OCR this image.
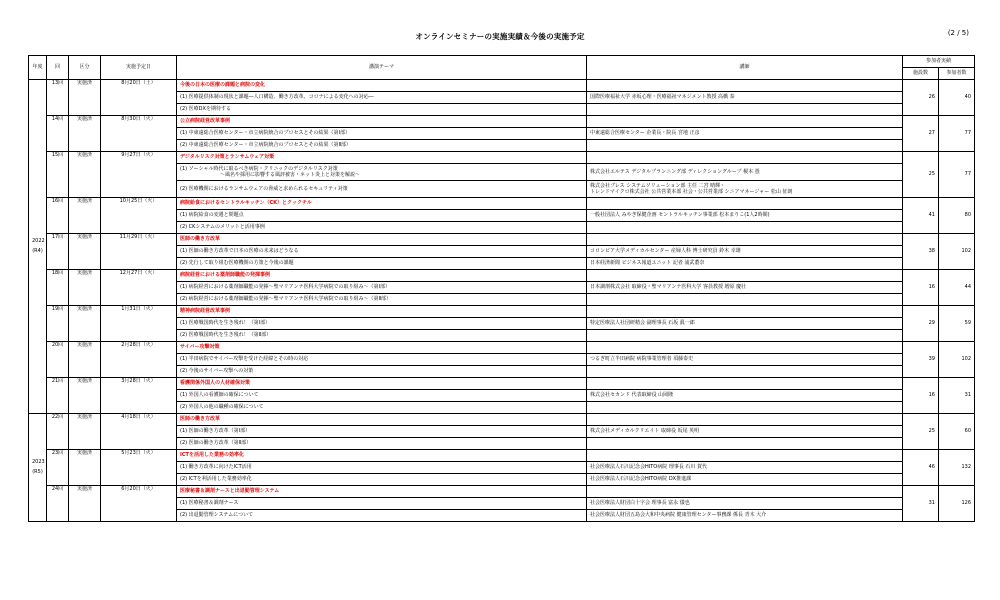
オンラインセミナーの実施実績＆今後の実施予定	(2 / 5)
年度	回	区分	実施予定日	講演テーマ	講師	参加者実績	
						施設数	参加者数

2022
(R4)	13回	実施済	8月20日（土）	今後の日本の医療の課題と病院の変化		26	40
				(1) 医療提供体制の現状と課題―人口構造、働き方改革、コロナによる変化への対応―	国際医療福祉大学 赤坂心理・医療福祉マネジメント教授 高橋 泰		
				(2) 医療DXを期待する			
	14回	実施済	8月30日（火）	公立病院経営改革事例		27	77
				(1) 中東遠総合医療センター・市立病院統合のプロセスとその結果（第Ⅰ部）	中東遠総合医療センター 企業長・院長 宮地 正彦		
				(2) 中東遠総合医療センター・市立病院統合のプロセスとその結果（第Ⅱ部）			
	15回	実施済	9月27日（火）	デジタルリスク対策とランサムウェア対策		25	77

				(1) ソーシャル時代に取るべき病院・クリニックのデジタルリスク対策
～風名や採用に影響する風評被害・ネット炎上と対策を解説～	株式会社エルテス デジタルプランニング部 ディレクショングループ 榎本 憑		

				(2) 医療機関におけるランサムウェアの脅威と求められるセキュリティ対策	株式会社ブレス システムソリューション部 主任 二宮 晴輝・
トレンドマイクロ株式会社 公共営業本部 社会・公共営業部 シニアマネージャー 松山 征朗		

	16回	実施済	10月25日（火）	病院給食におけるセントラルキッチン（CK）とクックチル		41	80
				(1) 病院給食の変遷と問題点	一般社団法人 みやぎ保健企画 セントラルキッチン事業部 松本まりこ(1人2時間)		
				(2) CKシステムのメリットと活用事例			
	17回	実施済	11月29日（火）	医師の働き方改革		38	102
				(1) 医師の働き方改革で日本の医療の未来はどうなる	コロンビア大学メディカルセンター 産婦人科 博士研究員 鈴木 幸雄		
				(2) 先行して取り組む医療機関の方策と今後の課題	日本経済新聞 ビジネス報道ユニット 記者 浦武董奈		
	18回	実施済	12月27日（火）	病院経営における薬剤師職能の発揮事例		16	44
				(1) 病院経営における薬剤師職能の発揮～聖マリアンナ医科大学病院での取り組み～（第Ⅰ部）	日本調剤株式会社 取締役・聖マリアンナ医科大学 客員教授 増原 慶壮		
				(2) 病院経営における薬剤師職能の発揮～聖マリアンナ医科大学病院での取り組み～（第Ⅱ部）			
	19回	実施済	1月31日（火）	精神病院経営改革事例		29	59
				(1) 医療戦国時代を生き残れ！（第Ⅰ部）	特定医療法人社団研精会 副理事長 石坂 眞一郎		
				(2) 医療戦国時代を生き残れ！（第Ⅱ部）			
	20回	実施済	2月28日（火）	サイバー攻撃対策		39	102
				(1) 半田病院でサイバー攻撃を受けた経緯とその時の対応	つるぎ町立半田病院 病院事業管理者 須藤泰史		
				(2) 今後のサイバー攻撃への対策			
	21回	実施済	3月28日（火）	看護関係外国人の人材確保対策		16	31
				(1) 外国人の看護師の確保について	株式会社セカンド 代表取締役 山岡隆		
				(2) 外国人の他の職種の確保について			

2023
(R5)	22回	実施済	4月18日（火）	医師の働き方改革		25	60
				(1) 医師の働き方改革（第Ⅰ部）	株式会社メディカルクリエイト 取締役 坂尾 英明		
				(2) 医師の働き方改革（第Ⅱ部）			
	23回	実施済	5月23日（火）	ICTを活用した業務の効率化		46	132
				(1) 働き方改革に向けたICT活用	社会医療法人石川記念会HITO病院 理事長 石川 賀代		
				(2) ICTを利活用した業務効率化	社会医療法人石川記念会HITO病院 DX推進課		
	24回	実施済	6月20日（火）	医療秘書＆調剤ナースと出退勤管理システム		31	126
				(1) 医療秘書＆調剤ナース	社会医療法人財団白十字会 理事長 富永 儀也		
				(2) 出退勤管理システムについて	社会医療法人財団五島会大和中央病院 健康管理センター事務課 係長 青木 大介		
